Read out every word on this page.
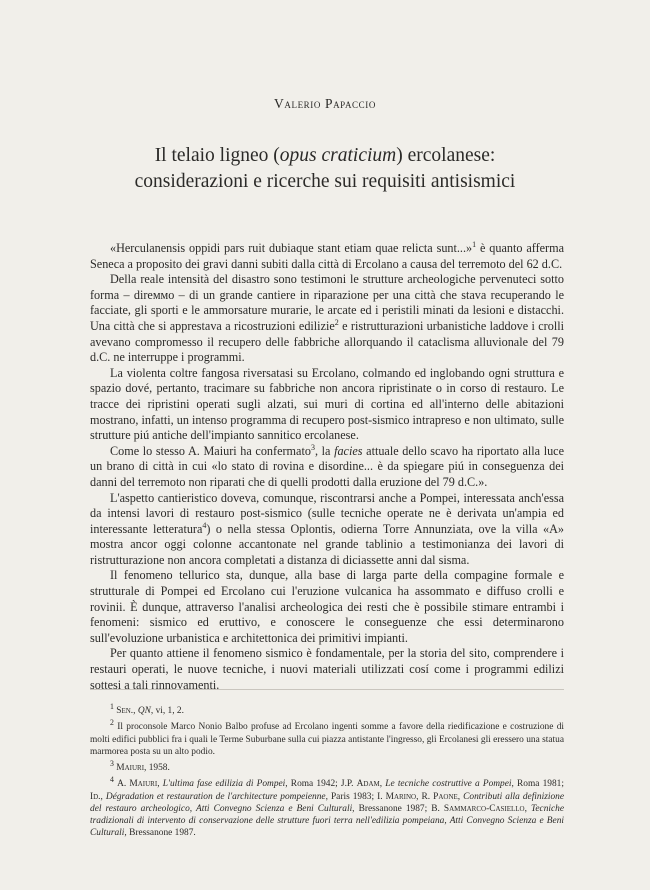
Valerio Papaccio
Il telaio ligneo (opus craticium) ercolanese:
considerazioni e ricerche sui requisiti antisismici

«Herculanensis oppidi pars ruit dubiaque stant etiam quae relicta sunt...»$^1$ è quanto afferma Seneca a proposito dei gravi danni subiti dalla città di Ercolano a causa del terremoto del 62 d.C.

Della reale intensità del disastro sono testimoni le strutture archeologiche pervenuteci sotto forma – direммо – di un grande cantiere in riparazione per una città che stava recuperando le facciate, gli sporti e le ammorsature murarie, le arcate ed i peristili minati da lesioni e distacchi. Una città che si apprestava a ricostruzioni edilizie$^2$ e ristrutturazioni urbanistiche laddove i crolli avevano compromesso il recupero delle fabbriche allorquando il cataclisma alluvionale del 79 d.C. ne interruppe i programmi.

La violenta coltre fangosa riversatasi su Ercolano, colmando ed inglobando ogni struttura e spazio dové, pertanto, tracimare su fabbriche non ancora ripristinate o in corso di restauro. Le tracce dei ripristini operati sugli alzati, sui muri di cortina ed all'interno delle abitazioni mostrano, infatti, un intenso programma di recupero post-sismico intrapreso e non ultimato, sulle strutture piú antiche dell'impianto sannitico ercolanese.

Come lo stesso A. Maiuri ha confermato$^3$, la facies attuale dello scavo ha riportato alla luce un brano di città in cui «lo stato di rovina e disordine... è da spiegare piú in conseguenza dei danni del terremoto non riparati che di quelli prodotti dalla eruzione del 79 d.C.».

L'aspetto cantieristico doveva, comunque, riscontrarsi anche a Pompei, interessata anch'essa da intensi lavori di restauro post-sismico (sulle tecniche operate ne è derivata un'ampia ed interessante letteratura$^4$) o nella stessa Oplontis, odierna Torre Annunziata, ove la villa «A» mostra ancor oggi colonne accantonate nel grande tablinio a testimonianza dei lavori di ristrutturazione non ancora completati a distanza di diciassette anni dal sisma.

Il fenomeno tellurico sta, dunque, alla base di larga parte della compagine formale e strutturale di Pompei ed Ercolano cui l'eruzione vulcanica ha assommato e diffuso crolli e rovinii. È dunque, attraverso l'analisi archeologica dei resti che è possibile stimare entrambi i fenomeni: sismico ed eruttivo, e conoscere le conseguenze che essi determinarono sull'evoluzione urbanistica e architettonica dei primitivi impianti.

Per quanto attiene il fenomeno sismico è fondamentale, per la storia del sito, comprendere i restauri operati, le nuove tecniche, i nuovi materiali utilizzati cosí come i programmi edilizi sottesi a tali rinnovamenti.

$^1$ Sen., QN, vi, 1, 2.

$^2$ Il proconsole Marco Nonio Balbo profuse ad Ercolano ingenti somme a favore della riedificazione e costruzione di molti edifici pubblici fra i quali le Terme Suburbane sulla cui piazza antistante l'ingresso, gli Ercolanesi gli eressero una statua marmorea posta su un alto podio.

$^3$ Maiuri, 1958.

$^4$ A. Maiuri, L'ultima fase edilizia di Pompei, Roma 1942; J.P. Adam, Le tecniche costruttive a Pompei, Roma 1981; Id., Dégradation et restauration de l'architecture pompeienne, Paris 1983; I. Marino, R. Paone, Contributi alla definizione del restauro archeologico, Atti Convegno Scienza e Beni Culturali, Bressanone 1987; B. Sammarco-Casiello, Tecniche tradizionali di intervento di conservazione delle strutture fuori terra nell'edilizia pompeiana, Atti Convegno Scienza e Beni Culturali, Bressanone 1987.
